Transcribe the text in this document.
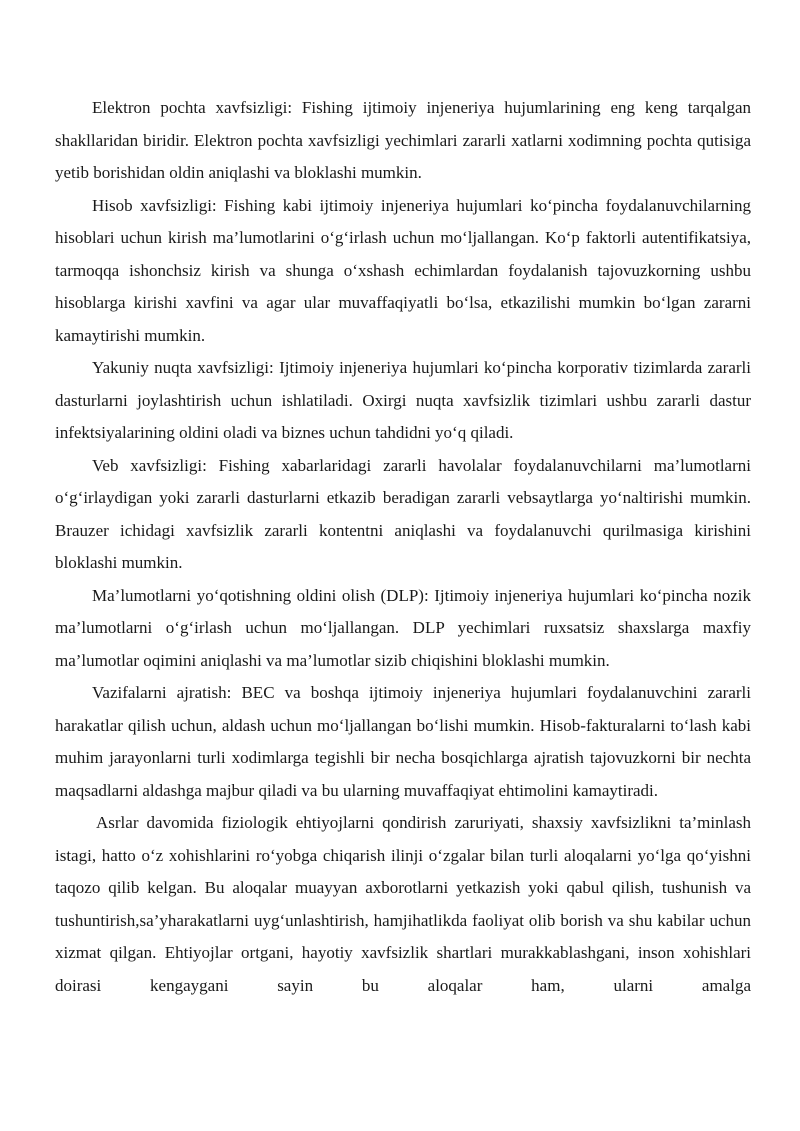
Elektron pochta xavfsizligi: Fishing ijtimoiy injeneriya hujumlarining eng keng tarqalgan shakllaridan biridir. Elektron pochta xavfsizligi yechimlari zararli xatlarni xodimning pochta qutisiga yetib borishidan oldin aniqlashi va bloklashi mumkin.

Hisob xavfsizligi: Fishing kabi ijtimoiy injeneriya hujumlari ko‘pincha foydalanuvchilarning hisoblari uchun kirish ma’lumotlarini o‘g‘irlash uchun mo‘ljallangan. Ko‘p faktorli autentifikatsiya, tarmoqqa ishonchsiz kirish va shunga o‘xshash echimlardan foydalanish tajovuzkorning ushbu hisoblarga kirishi xavfini va agar ular muvaffaqiyatli bo‘lsa, etkazilishi mumkin bo‘lgan zararni kamaytirishi mumkin.

Yakuniy nuqta xavfsizligi: Ijtimoiy injeneriya hujumlari ko‘pincha korporativ tizimlarda zararli dasturlarni joylashtirish uchun ishlatiladi. Oxirgi nuqta xavfsizlik tizimlari ushbu zararli dastur infektsiyalarining oldini oladi va biznes uchun tahdidni yo‘q qiladi.

Veb xavfsizligi: Fishing xabarlaridagi zararli havolalar foydalanuvchilarni ma’lumotlarni o‘g‘irlaydigan yoki zararli dasturlarni etkazib beradigan zararli vebsaytlarga yo‘naltirishi mumkin. Brauzer ichidagi xavfsizlik zararli kontentni aniqlashi va foydalanuvchi qurilmasiga kirishini bloklashi mumkin.

Ma’lumotlarni yo‘qotishning oldini olish (DLP): Ijtimoiy injeneriya hujumlari ko‘pincha nozik ma’lumotlarni o‘g‘irlash uchun mo‘ljallangan. DLP yechimlari ruxsatsiz shaxslarga maxfiy ma’lumotlar oqimini aniqlashi va ma’lumotlar sizib chiqishini bloklashi mumkin.

Vazifalarni ajratish: BEC va boshqa ijtimoiy injeneriya hujumlari foydalanuvchini zararli harakatlar qilish uchun, aldash uchun mo‘ljallangan bo‘lishi mumkin. Hisob-fakturalarni to‘lash kabi muhim jarayonlarni turli xodimlarga tegishli bir necha bosqichlarga ajratish tajovuzkorni bir nechta maqsadlarni aldashga majbur qiladi va bu ularning muvaffaqiyat ehtimolini kamaytiradi.

Asrlar davomida fiziologik ehtiyojlarni qondirish zaruriyati, shaxsiy xavfsizlikni ta’minlash istagi, hatto o‘z xohishlarini ro‘yobga chiqarish ilinji o‘zgalar bilan turli aloqalarni yo‘lga qo‘yishni taqozo qilib kelgan. Bu aloqalar muayyan axborotlarni yetkazish yoki qabul qilish, tushunish va tushuntirish,sa’yharakatlarni uyg‘unlashtirish, hamjihatlikda faoliyat olib borish va shu kabilar uchun xizmat qilgan. Ehtiyojlar ortgani, hayotiy xavfsizlik shartlari murakkablashgani, inson xohishlari doirasi kengaygani sayin bu aloqalar ham, ularni amalga
